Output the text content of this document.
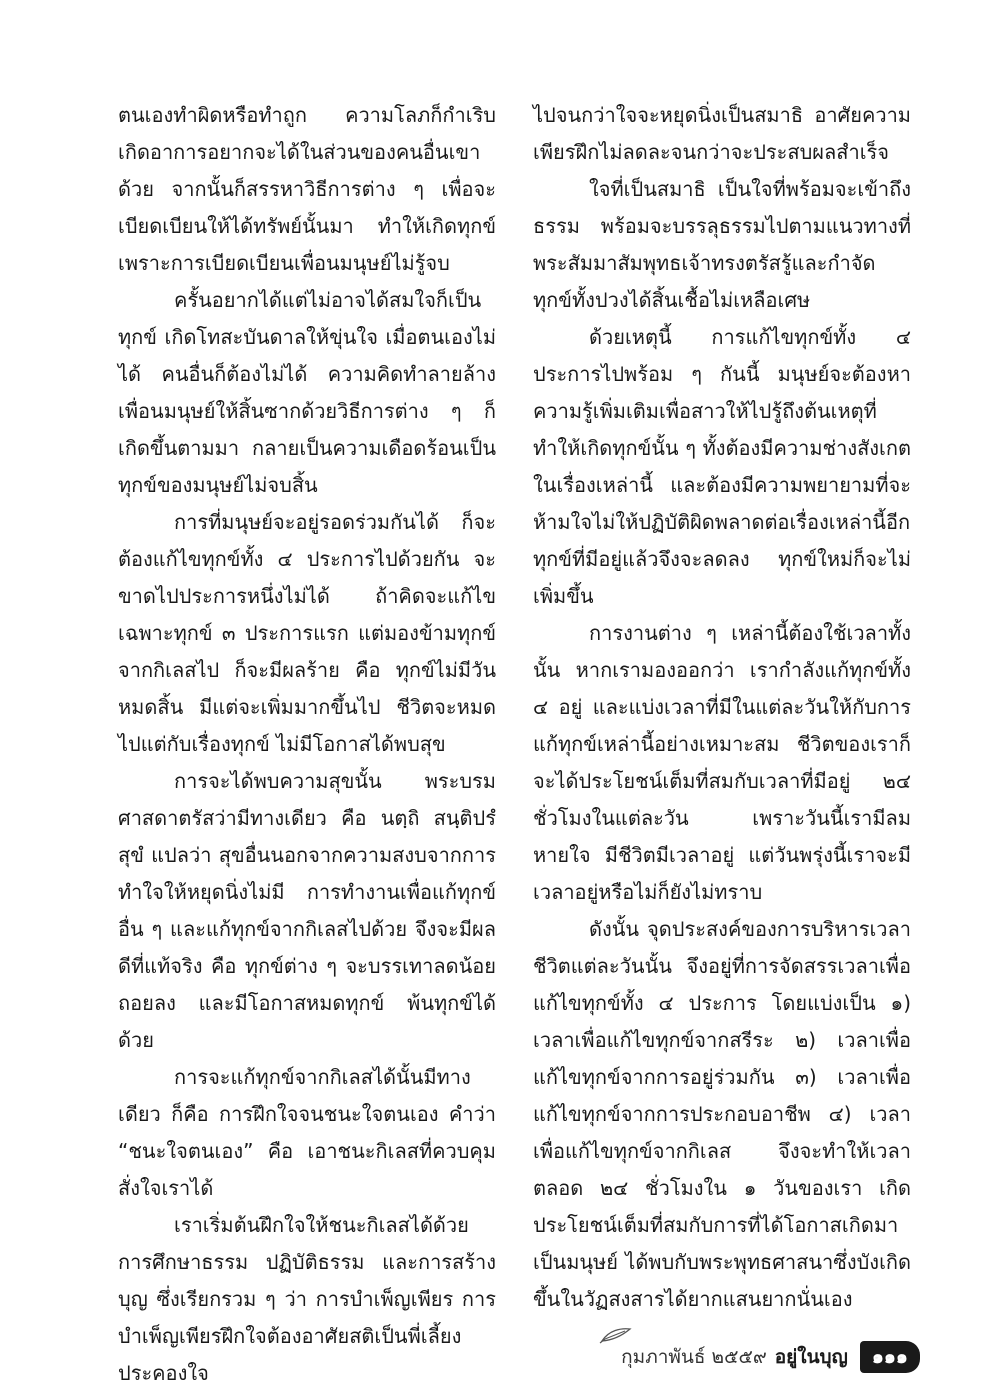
ตนเองทำผิดหรือทำถูก ความโลภก็กำเริบ เกิดอาการอยากจะได้ในส่วนของคนอื่นเขาด้วย จากนั้นก็สรรหาวิธีการต่าง ๆ เพื่อจะเบียดเบียนให้ได้ทรัพย์นั้นมา ทำให้เกิดทุกข์เพราะการเบียดเบียนเพื่อนมนุษย์ไม่รู้จบ

ครั้นอยากได้แต่ไม่อาจได้สมใจก็เป็นทุกข์ เกิดโทสะบันดาลให้ขุ่นใจ เมื่อตนเองไม่ได้ คนอื่นก็ต้องไม่ได้ ความคิดทำลายล้างเพื่อนมนุษย์ให้สิ้นซากด้วยวิธีการต่าง ๆ ก็เกิดขึ้นตามมา กลายเป็นความเดือดร้อนเป็นทุกข์ของมนุษย์ไม่จบสิ้น

การที่มนุษย์จะอยู่รอดร่วมกันได้ ก็จะต้องแก้ไขทุกข์ทั้ง ๔ ประการไปด้วยกัน จะขาดไปประการหนึ่งไม่ได้ ถ้าคิดจะแก้ไขเฉพาะทุกข์ ๓ ประการแรก แต่มองข้ามทุกข์จากกิเลสไป ก็จะมีผลร้าย คือ ทุกข์ไม่มีวันหมดสิ้น มีแต่จะเพิ่มมากขึ้นไป ชีวิตจะหมดไปแต่กับเรื่องทุกข์ ไม่มีโอกาสได้พบสุข

การจะได้พบความสุขนั้น พระบรมศาสดาตรัสว่ามีทางเดียว คือ นตฺถิ สนฺติปรํ สุขํ แปลว่า สุขอื่นนอกจากความสงบจากการทำใจให้หยุดนิ่งไม่มี การทำงานเพื่อแก้ทุกข์อื่น ๆ และแก้ทุกข์จากกิเลสไปด้วย จึงจะมีผลดีที่แท้จริง คือ ทุกข์ต่าง ๆ จะบรรเทาลดน้อยถอยลง และมีโอกาสหมดทุกข์ พ้นทุกข์ได้ด้วย

การจะแก้ทุกข์จากกิเลสได้นั้นมีทางเดียว ก็คือ การฝึกใจจนชนะใจตนเอง คำว่า “ชนะใจตนเอง” คือ เอาชนะกิเลสที่ควบคุมสั่งใจเราได้

เราเริ่มต้นฝึกใจให้ชนะกิเลสได้ด้วยการศึกษาธรรม ปฏิบัติธรรม และการสร้างบุญ ซึ่งเรียกรวม ๆ ว่า การบำเพ็ญเพียร การบำเพ็ญเพียรฝึกใจต้องอาศัยสติเป็นพี่เลี้ยงประคองใจ

ไปจนกว่าใจจะหยุดนิ่งเป็นสมาธิ อาศัยความเพียรฝึกไม่ลดละจนกว่าจะประสบผลสำเร็จ

ใจที่เป็นสมาธิ เป็นใจที่พร้อมจะเข้าถึงธรรม พร้อมจะบรรลุธรรมไปตามแนวทางที่พระสัมมาสัมพุทธเจ้าทรงตรัสรู้และกำจัดทุกข์ทั้งปวงได้สิ้นเชื้อไม่เหลือเศษ

ด้วยเหตุนี้ การแก้ไขทุกข์ทั้ง ๔ ประการไปพร้อม ๆ กันนี้ มนุษย์จะต้องหาความรู้เพิ่มเติมเพื่อสาวให้ไปรู้ถึงต้นเหตุที่ทำให้เกิดทุกข์นั้น ๆ ทั้งต้องมีความช่างสังเกตในเรื่องเหล่านี้ และต้องมีความพยายามที่จะห้ามใจไม่ให้ปฏิบัติผิดพลาดต่อเรื่องเหล่านี้อีก ทุกข์ที่มีอยู่แล้วจึงจะลดลง ทุกข์ใหม่ก็จะไม่เพิ่มขึ้น

การงานต่าง ๆ เหล่านี้ต้องใช้เวลาทั้งนั้น หากเรามองออกว่า เรากำลังแก้ทุกข์ทั้ง ๔ อยู่ และแบ่งเวลาที่มีในแต่ละวันให้กับการแก้ทุกข์เหล่านี้อย่างเหมาะสม ชีวิตของเราก็จะได้ประโยชน์เต็มที่สมกับเวลาที่มีอยู่ ๒๔ ชั่วโมงในแต่ละวัน เพราะวันนี้เรามีลมหายใจ มีชีวิตมีเวลาอยู่ แต่วันพรุ่งนี้เราจะมีเวลาอยู่หรือไม่ก็ยังไม่ทราบ

ดังนั้น จุดประสงค์ของการบริหารเวลาชีวิตแต่ละวันนั้น จึงอยู่ที่การจัดสรรเวลาเพื่อแก้ไขทุกข์ทั้ง ๔ ประการ โดยแบ่งเป็น ๑) เวลาเพื่อแก้ไขทุกข์จากสรีระ ๒) เวลาเพื่อแก้ไขทุกข์จากการอยู่ร่วมกัน ๓) เวลาเพื่อแก้ไขทุกข์จากการประกอบอาชีพ ๔) เวลาเพื่อแก้ไขทุกข์จากกิเลส จึงจะทำให้เวลาตลอด ๒๔ ชั่วโมงใน ๑ วันของเรา เกิดประโยชน์เต็มที่สมกับการที่ได้โอกาสเกิดมาเป็นมนุษย์ ได้พบกับพระพุทธศาสนาซึ่งบังเกิดขึ้นในวัฏสงสารได้ยากแสนยากนั่นเอง

กุมภาพันธ์ ๒๕๕๙ อยู่ในบุญ	๑๑๑
